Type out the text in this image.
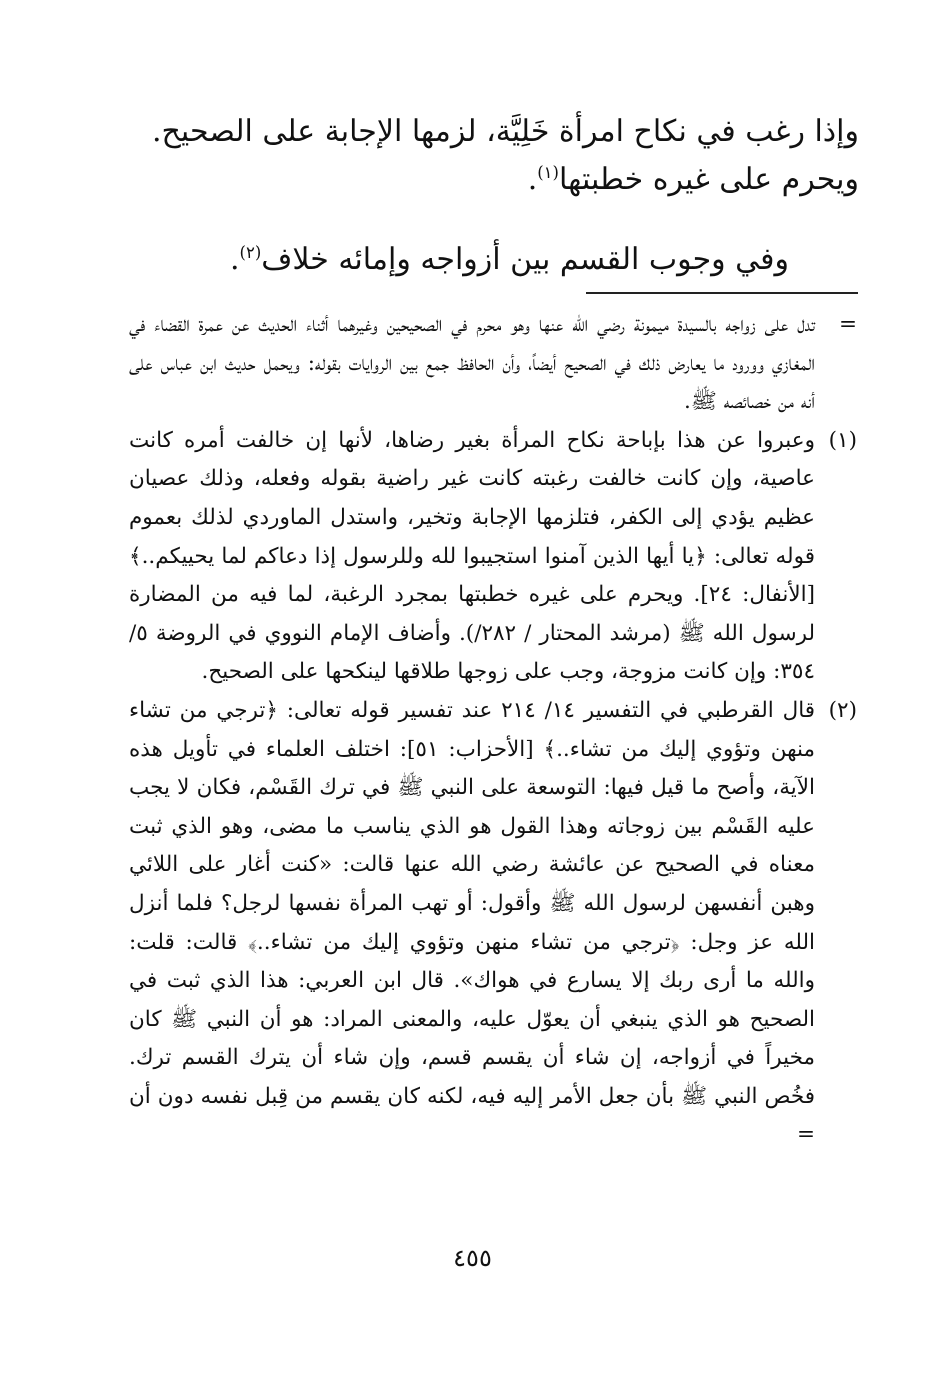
وإذا رغب في نكاح امرأة خَلِيَّة، لزمها الإجابة على الصحيح.

ويحرم على غيره خطبتها$^{(١)}$.

وفي وجوب القسم بين أزواجه وإمائه خلاف$^{(٢)}$.
=
تدل على زواجه بالسيدة ميمونة رضي الله عنها وهو محرم في الصحيحين وغيرهما أثناء الحديث عن عمرة القضاء في المغازي وورود ما يعارض ذلك في الصحيح أيضاً، وأن الحافظ جمع بين الروايات بقوله: ويحمل حديث ابن عباس على أنه من خصائصه ﷺ.
(١)
وعبروا عن هذا بإباحة نكاح المرأة بغير رضاها، لأنها إن خالفت أمره كانت عاصية، وإن كانت خالفت رغبته كانت غير راضية بقوله وفعله، وذلك عصيان عظيم يؤدي إلى الكفر، فتلزمها الإجابة وتخير، واستدل الماوردي لذلك بعموم قوله تعالى: ﴿يا أيها الذين آمنوا استجيبوا لله وللرسول إذا دعاكم لما يحييكم..﴾ [الأنفال: ٢٤]. ويحرم على غيره خطبتها بمجرد الرغبة، لما فيه من المضارة لرسول الله ﷺ (مرشد المحتار / ٢٨٢/). وأضاف الإمام النووي في الروضة ٥/ ٣٥٤: وإن كانت مزوجة، وجب على زوجها طلاقها لينكحها على الصحيح.
(٢)
قال القرطبي في التفسير ١٤/ ٢١٤ عند تفسير قوله تعالى: ﴿ترجي من تشاء منهن وتؤوي إليك من تشاء..﴾ [الأحزاب: ٥١]: اختلف العلماء في تأويل هذه الآية، وأصح ما قيل فيها: التوسعة على النبي ﷺ في ترك القَسْم، فكان لا يجب عليه القَسْم بين زوجاته وهذا القول هو الذي يناسب ما مضى، وهو الذي ثبت معناه في الصحيح عن عائشة رضي الله عنها قالت: «كنت أغار على اللائي وهبن أنفسهن لرسول الله ﷺ وأقول: أو تهب المرأة نفسها لرجل؟ فلما أنزل الله عز وجل: ﴿ترجي من تشاء منهن وتؤوي إليك من تشاء..﴾ قالت: قلت: والله ما أرى ربك إلا يسارع في هواك». قال ابن العربي: هذا الذي ثبت في الصحيح هو الذي ينبغي أن يعوّل عليه، والمعنى المراد: هو أن النبي ﷺ كان مخيراً في أزواجه، إن شاء أن يقسم قسم، وإن شاء أن يترك القسم ترك. فخُص النبي ﷺ بأن جعل الأمر إليه فيه، لكنه كان يقسم من قِبل نفسه دون أن =
٤٥٥
